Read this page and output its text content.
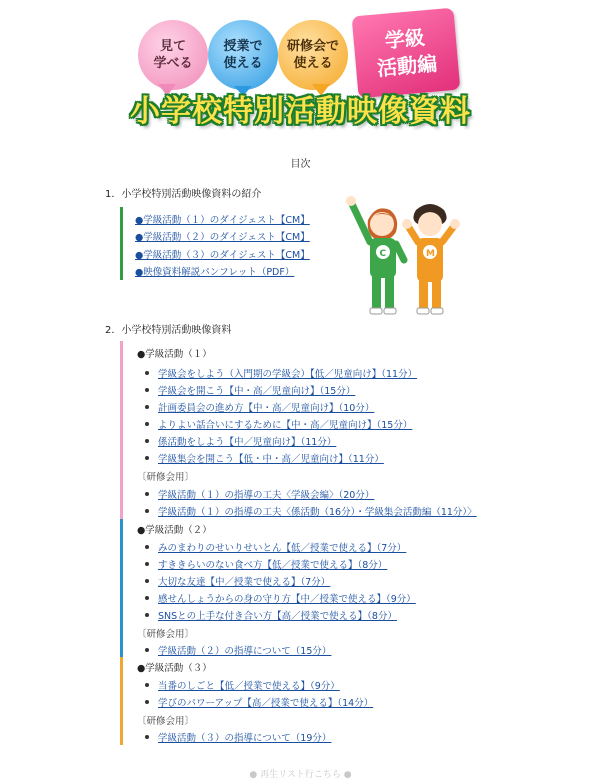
見て
学べる
授業で
使える
研修会で
使える
学級
活動編
小学校特別活動映像資料
目次
1．小学校特別活動映像資料の紹介
●学級活動（１）のダイジェスト【CM】
●学級活動（２）のダイジェスト【CM】
●学級活動（３）のダイジェスト【CM】
●映像資料解説パンフレット（PDF）
C	M
2．小学校特別活動映像資料
●学級活動（１）
学級会をしよう（入門期の学級会）【低／児童向け】（11分）
学級会を開こう【中・高／児童向け】（15分）
計画委員会の進め方【中・高／児童向け】（10分）
よりよい話合いにするために【中・高／児童向け】（15分）
係活動をしよう【中／児童向け】（11分）
学級集会を開こう【低・中・高／児童向け】（11分）
〔研修会用〕
学級活動（１）の指導の工夫〈学級会編〉（20分）
学級活動（１）の指導の工夫〈係活動（16分）・学級集会活動編（11分）〉
●学級活動（２）
みのまわりのせいりせいとん【低／授業で使える】（7分）
すききらいのない食べ方【低／授業で使える】（8分）
大切な友達【中／授業で使える】（7分）
感せんしょうからの身の守り方【中／授業で使える】（9分）
SNSとの上手な付き合い方【高／授業で使える】（8分）
〔研修会用〕
学級活動（２）の指導について（15分）
●学級活動（３）
当番のしごと【低／授業で使える】（9分）
学びのパワーアップ【高／授業で使える】（14分）
〔研修会用〕
学級活動（３）の指導について（19分）
● 再生リスト行こちら ●
